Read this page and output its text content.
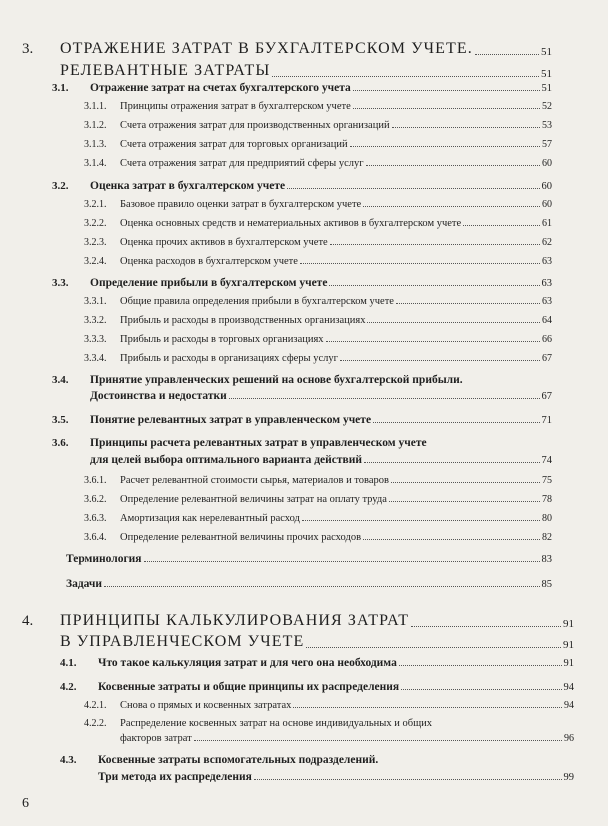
3.	ОТРАЖЕНИЕ ЗАТРАТ В БУХГАЛТЕРСКОМ УЧЕТЕ.	51
РЕЛЕВАНТНЫЕ ЗАТРАТЫ	51
3.1.	Отражение затрат на счетах бухгалтерского учета	51
3.1.1.	Принципы отражения затрат в бухгалтерском учете	52
3.1.2.	Счета отражения затрат для производственных организаций	53
3.1.3.	Счета отражения затрат для торговых организаций	57
3.1.4.	Счета отражения затрат для предприятий сферы услуг	60
3.2.	Оценка затрат в бухгалтерском учете	60
3.2.1.	Базовое правило оценки затрат в бухгалтерском учете	60
3.2.2.	Оценка основных средств и нематериальных активов в бухгалтерском учете	61
3.2.3.	Оценка прочих активов в бухгалтерском учете	62
3.2.4.	Оценка расходов в бухгалтерском учете	63
3.3.	Определение прибыли в бухгалтерском учете	63
3.3.1.	Общие правила определения прибыли в бухгалтерском учете	63
3.3.2.	Прибыль и расходы в производственных организациях	64
3.3.3.	Прибыль и расходы в торговых организациях	66
3.3.4.	Прибыль и расходы в организациях сферы услуг	67
3.4.	Принятие управленческих решений на основе бухгалтерской прибыли.
Достоинства и недостатки	67
3.5.	Понятие релевантных затрат в управленческом учете	71
3.6.	Принципы расчета релевантных затрат в управленческом учете
для целей выбора оптимального варианта действий	74
3.6.1.	Расчет релевантной стоимости сырья, материалов и товаров	75
3.6.2.	Определение релевантной величины затрат на оплату труда	78
3.6.3.	Амортизация как нерелевантный расход	80
3.6.4.	Определение релевантной величины прочих расходов	82
Терминология	83
Задачи	85
4.	ПРИНЦИПЫ КАЛЬКУЛИРОВАНИЯ ЗАТРАТ	91
В УПРАВЛЕНЧЕСКОМ УЧЕТЕ	91
4.1.	Что такое калькуляция затрат и для чего она необходима	91
4.2.	Косвенные затраты и общие принципы их распределения	94
4.2.1.	Снова о прямых и косвенных затратах	94
4.2.2.	Распределение косвенных затрат на основе индивидуальных и общих
факторов затрат	96
4.3.	Косвенные затраты вспомогательных подразделений.
Три метода их распределения	99
6
